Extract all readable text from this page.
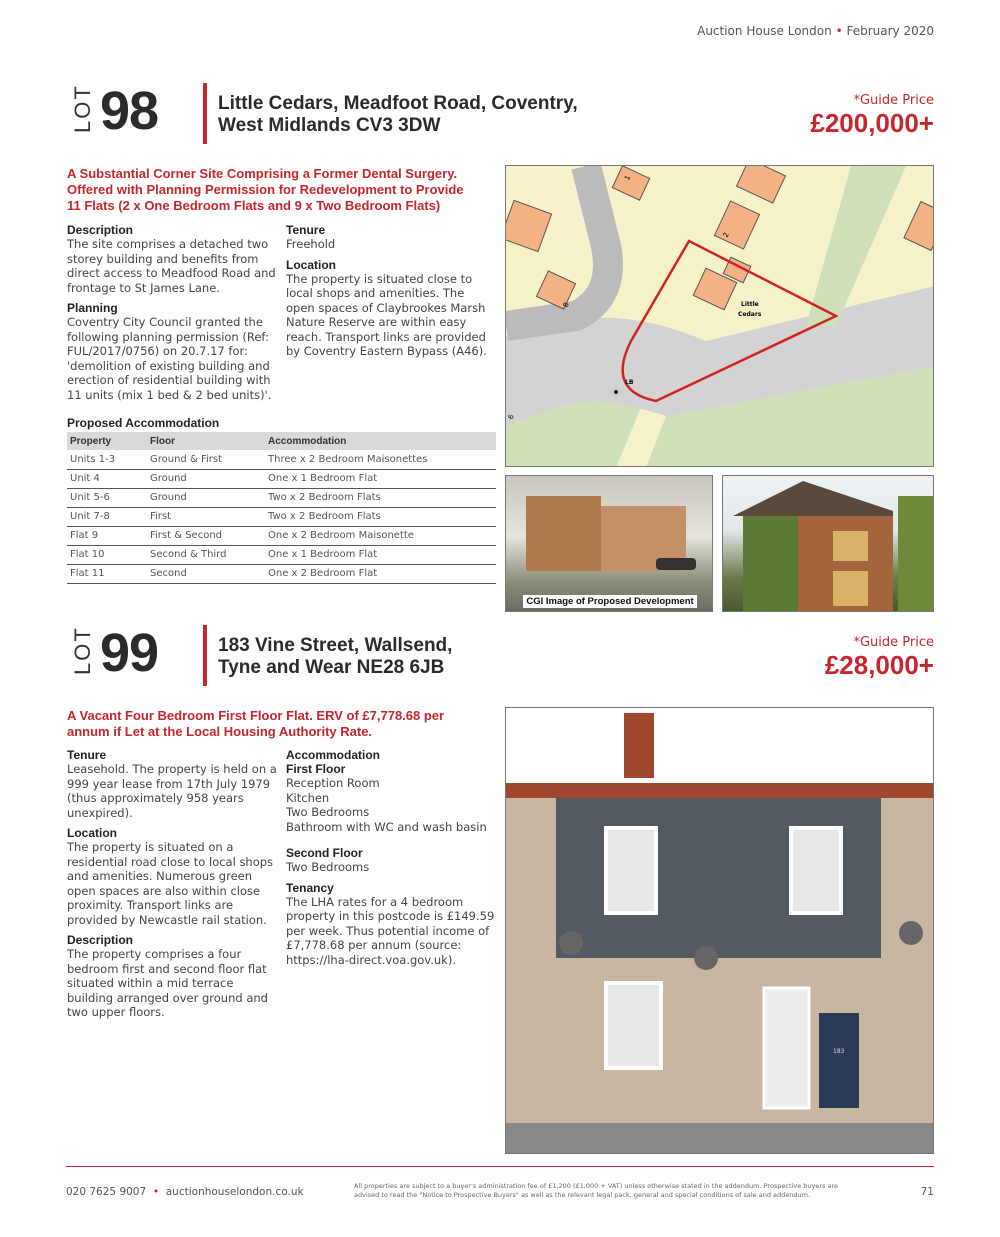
Auction House London • February 2020
LOT 98	Little Cedars, Meadfoot Road, Coventry,
West Midlands CV3 3DW
*Guide Price
£200,000+
A Substantial Corner Site Comprising a Former Dental Surgery.
Offered with Planning Permission for Redevelopment to Provide
11 Flats (2 x One Bedroom Flats and 9 x Two Bedroom Flats)
Description

The site comprises a detached two storey building and benefits from direct access to Meadfood Road and frontage to St James Lane.

Planning

Coventry City Council granted the following planning permission (Ref: FUL/2017/0756) on 20.7.17 for: 'demolition of existing building and erection of residential building with 11 units (mix 1 bed & 2 bed units)'.

Tenure

Freehold

Location

The property is situated close to local shops and amenities. The open spaces of Claybrookes Marsh Nature Reserve are within easy reach. Transport links are provided by Coventry Eastern Bypass (A46).

Proposed Accommodation
Property	Floor	Accommodation
Units 1-3	Ground & First	Three x 2 Bedroom Maisonettes
Unit 4	Ground	One x 1 Bedroom Flat
Unit 5-6	Ground	Two x 2 Bedroom Flats
Unit 7-8	First	Two x 2 Bedroom Flats
Flat 9	First & Second	One x 2 Bedroom Maisonette
Flat 10	Second & Third	One x 1 Bedroom Flat
Flat 11	Second	One x 2 Bedroom Flat
1
2
8
6
Little
Cedars
LB
CGI Image of Proposed Development
LOT 99	183 Vine Street, Wallsend,
Tyne and Wear NE28 6JB
*Guide Price
£28,000+
A Vacant Four Bedroom First Floor Flat. ERV of £7,778.68 per
annum if Let at the Local Housing Authority Rate.
Tenure

Leasehold. The property is held on a 999 year lease from 17th July 1979 (thus approximately 958 years unexpired).

Location

The property is situated on a residential road close to local shops and amenities. Numerous green open spaces are also within close proximity. Transport links are provided by Newcastle rail station.

Description

The property comprises a four bedroom first and second floor flat situated within a mid terrace building arranged over ground and two upper floors.

Accommodation
First Floor

Reception Room

Kitchen

Two Bedrooms

Bathroom with WC and wash basin

Second Floor

Two Bedrooms

Tenancy

The LHA rates for a 4 bedroom property in this postcode is £149.59 per week. Thus potential income of £7,778.68 per annum (source: https://lha-direct.voa.gov.uk).

183
020 7625 9007 • auctionhouselondon.co.uk	All properties are subject to a buyer's administration fee of £1,200 (£1,000 + VAT) unless otherwise stated in the addendum. Prospective buyers are advised to read the "Notice to Prospective Buyers" as well as the relevant legal pack, general and special conditions of sale and addendum.	71
